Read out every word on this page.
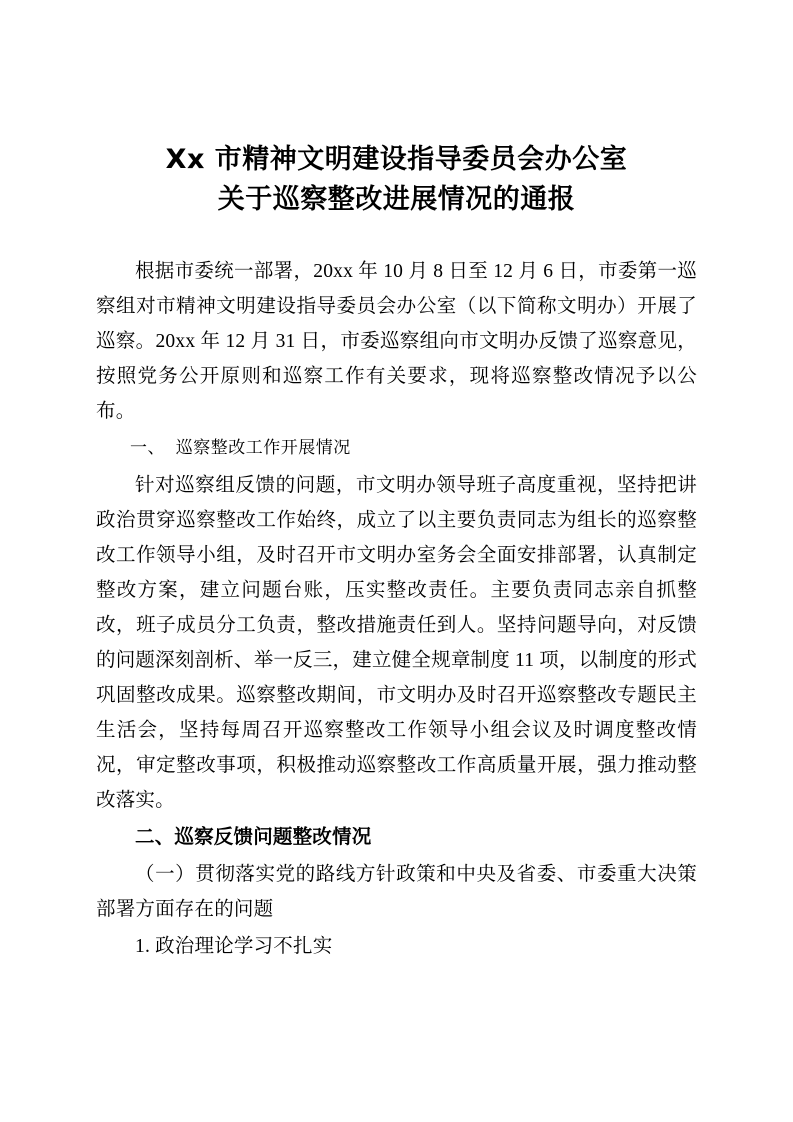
Xx 市精神文明建设指导委员会办公室
关于巡察整改进展情况的通报

根据市委统一部署，20xx 年 10 月 8 日至 12 月 6 日，市委第一巡察组对市精神文明建设指导委员会办公室（以下简称文明办）开展了巡察。20xx 年 12 月 31 日，市委巡察组向市文明办反馈了巡察意见，按照党务公开原则和巡察工作有关要求，现将巡察整改情况予以公布。

一、 巡察整改工作开展情况

针对巡察组反馈的问题，市文明办领导班子高度重视，坚持把讲政治贯穿巡察整改工作始终，成立了以主要负责同志为组长的巡察整改工作领导小组，及时召开市文明办室务会全面安排部署，认真制定整改方案，建立问题台账，压实整改责任。主要负责同志亲自抓整改，班子成员分工负责，整改措施责任到人。坚持问题导向，对反馈的问题深刻剖析、举一反三，建立健全规章制度 11 项，以制度的形式巩固整改成果。巡察整改期间，市文明办及时召开巡察整改专题民主生活会，坚持每周召开巡察整改工作领导小组会议及时调度整改情况，审定整改事项，积极推动巡察整改工作高质量开展，强力推动整改落实。

二、巡察反馈问题整改情况

（一）贯彻落实党的路线方针政策和中央及省委、市委重大决策部署方面存在的问题

1. 政治理论学习不扎实
